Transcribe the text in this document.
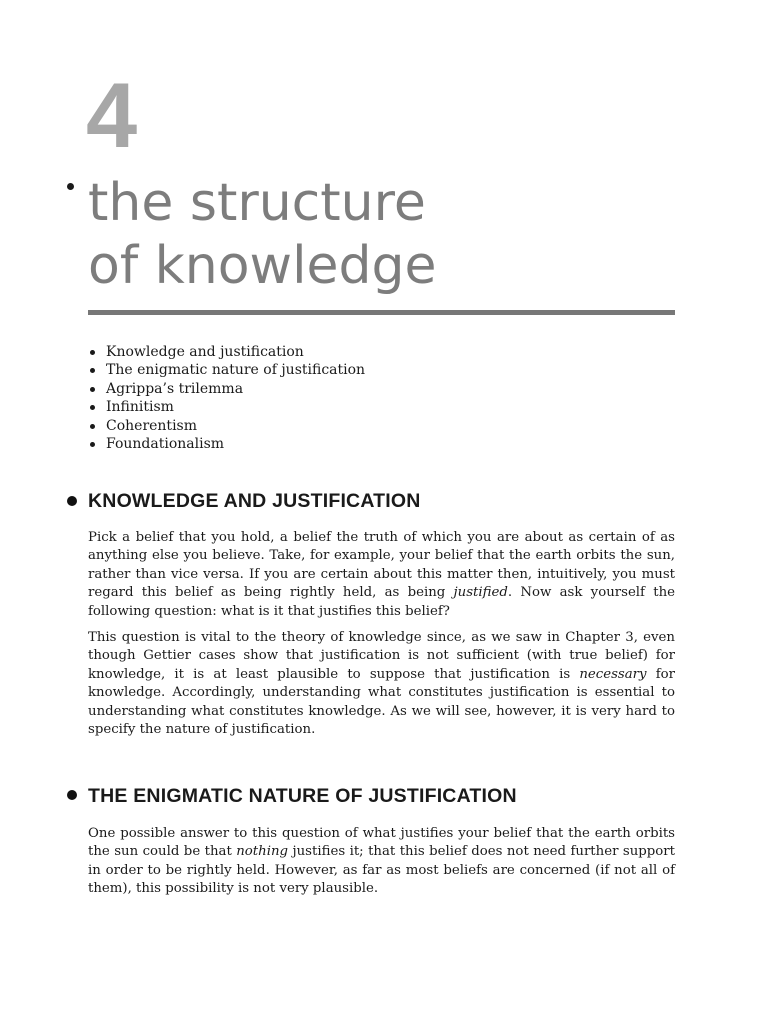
4
the structure
of knowledge
Knowledge and justification
The enigmatic nature of justification
Agrippa’s trilemma
Infinitism
Coherentism
Foundationalism
KNOWLEDGE AND JUSTIFICATION

Pick a belief that you hold, a belief the truth of which you are about as certain of as anything else you believe. Take, for example, your belief that the earth orbits the sun, rather than vice versa. If you are certain about this matter then, intuitively, you must regard this belief as being rightly held, as being justified. Now ask yourself the following question: what is it that justifies this belief?

This question is vital to the theory of knowledge since, as we saw in Chapter 3, even though Gettier cases show that justification is not sufficient (with true belief) for knowledge, it is at least plausible to suppose that justification is necessary for knowledge. Accordingly, understanding what constitutes justification is essential to understanding what constitutes knowledge. As we will see, however, it is very hard to specify the nature of justification.

THE ENIGMATIC NATURE OF JUSTIFICATION

One possible answer to this question of what justifies your belief that the earth orbits the sun could be that nothing justifies it; that this belief does not need further support in order to be rightly held. However, as far as most beliefs are concerned (if not all of them), this possibility is not very plausible.
